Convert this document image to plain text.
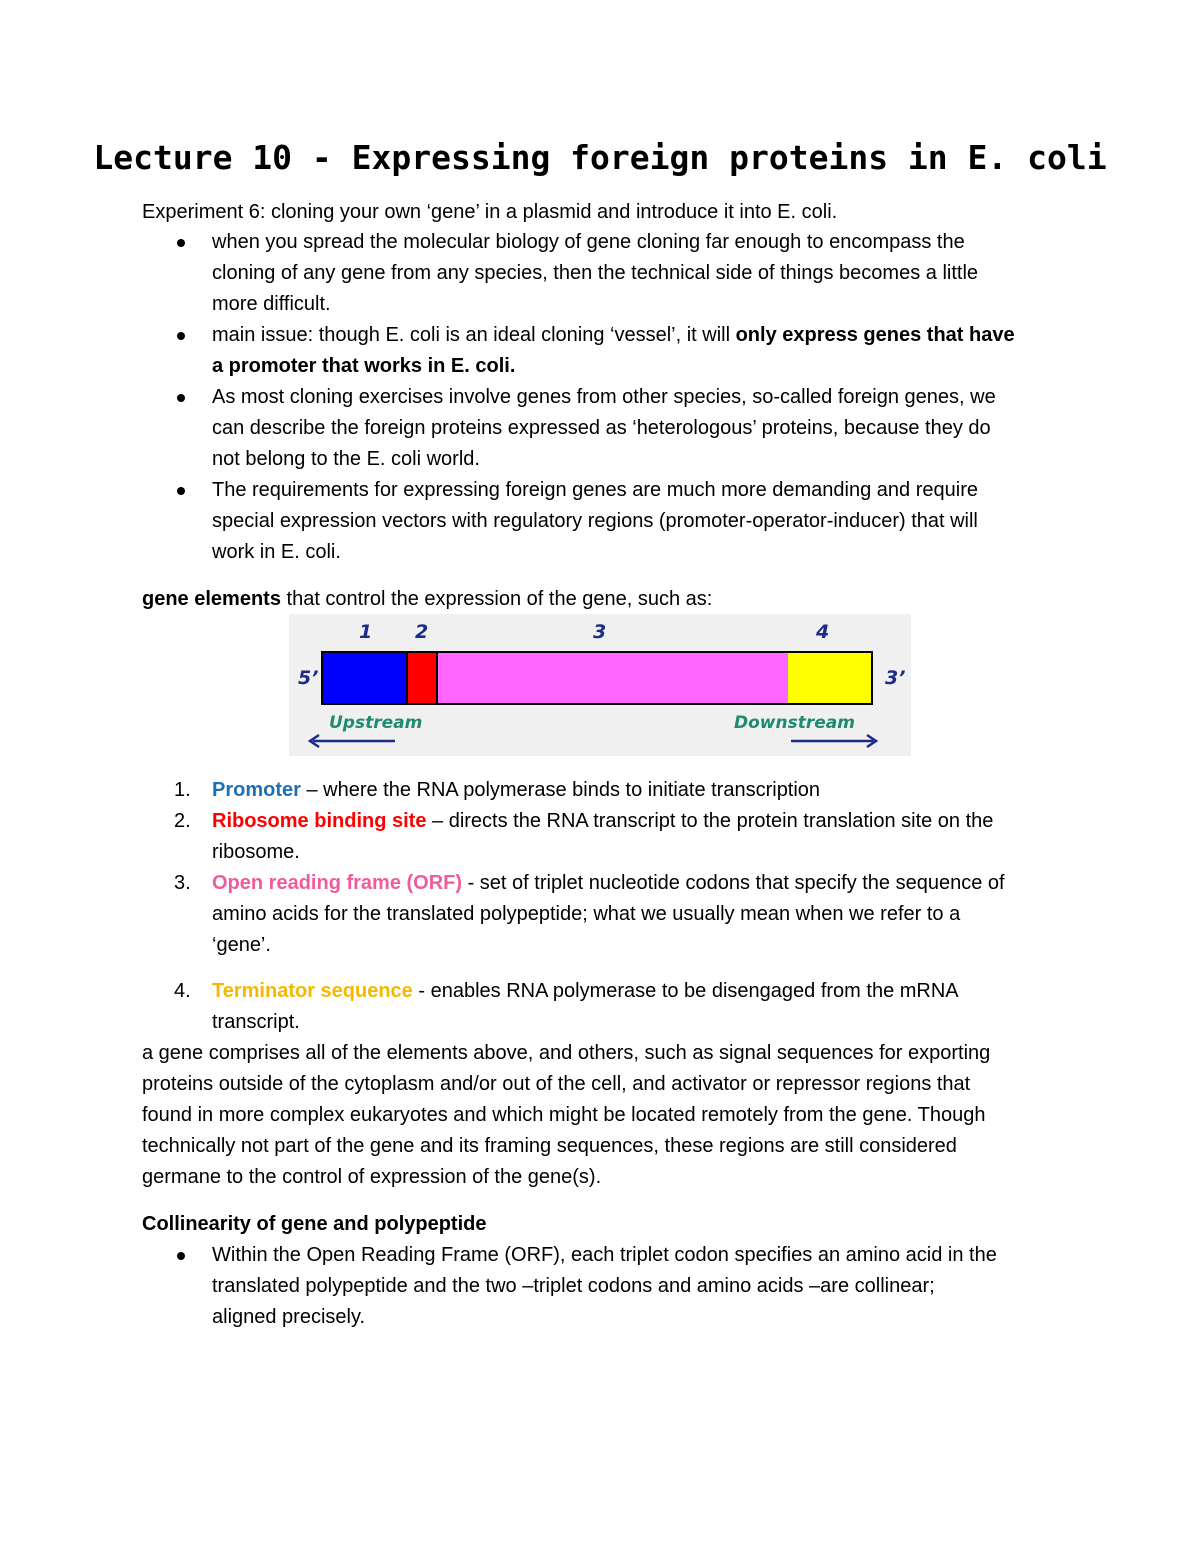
Lecture 10 - Expressing foreign proteins in E. coli
Experiment 6: cloning your own ‘gene’ in a plasmid and introduce it into E. coli.
when you spread the molecular biology of gene cloning far enough to encompass the
cloning of any gene from any species, then the technical side of things becomes a little
more difficult.
main issue: though E. coli is an ideal cloning ‘vessel’, it will only express genes that have
a promoter that works in E. coli.
As most cloning exercises involve genes from other species, so-called foreign genes, we
can describe the foreign proteins expressed as ‘heterologous’ proteins, because they do
not belong to the E. coli world.
The requirements for expressing foreign genes are much more demanding and require
special expression vectors with regulatory regions (promoter-operator-inducer) that will
work in E. coli.
gene elements that control the expression of the gene, such as:
1 2	3	4
5’	3’
Upstream	Downstream
1. Promoter – where the RNA polymerase binds to initiate transcription
2. Ribosome binding site – directs the RNA transcript to the protein translation site on the
ribosome.
3. Open reading frame (ORF) - set of triplet nucleotide codons that specify the sequence of
amino acids for the translated polypeptide; what we usually mean when we refer to a
‘gene’.
4. Terminator sequence - enables RNA polymerase to be disengaged from the mRNA
transcript.
a gene comprises all of the elements above, and others, such as signal sequences for exporting
proteins outside of the cytoplasm and/or out of the cell, and activator or repressor regions that
found in more complex eukaryotes and which might be located remotely from the gene. Though
technically not part of the gene and its framing sequences, these regions are still considered
germane to the control of expression of the gene(s).
Collinearity of gene and polypeptide
Within the Open Reading Frame (ORF), each triplet codon specifies an amino acid in the
translated polypeptide and the two –triplet codons and amino acids –are collinear;
aligned precisely.
